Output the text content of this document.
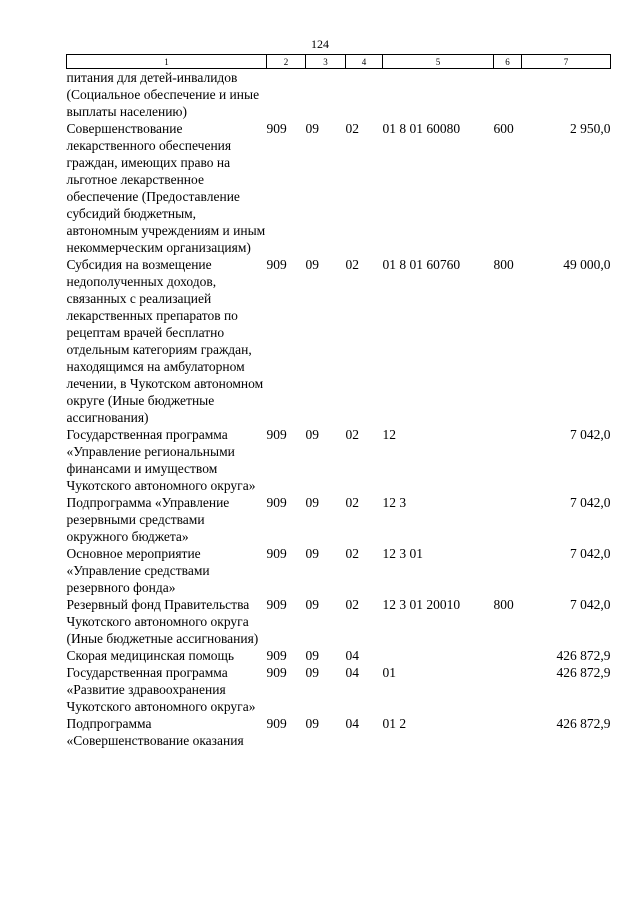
124
1	2	3	4	5	6	7
питания для детей-инвалидов (Социальное обеспечение и иные выплаты населению)						
Совершенствование лекарственного обеспечения граждан, имеющих право на льготное лекарственное обеспечение (Предоставление субсидий бюджетным, автономным учреждениям и иным некоммерческим организациям)	909	09	02	01 8 01 60080	600	2 950,0
Субсидия на возмещение недополученных доходов, связанных с реализацией лекарственных препаратов по рецептам врачей бесплатно отдельным категориям граждан, находящимся на амбулаторном лечении, в Чукотском автономном округе (Иные бюджетные ассигнования)	909	09	02	01 8 01 60760	800	49 000,0
Государственная программа «Управление региональными финансами и имуществом Чукотского автономного округа»	909	09	02	12		7 042,0
Подпрограмма «Управление резервными средствами окружного бюджета»	909	09	02	12 3		7 042,0
Основное мероприятие «Управление средствами резервного фонда»	909	09	02	12 3 01		7 042,0
Резервный фонд Правительства Чукотского автономного округа (Иные бюджетные ассигнования)	909	09	02	12 3 01 20010	800	7 042,0
Скорая медицинская помощь	909	09	04			426 872,9
Государственная программа «Развитие здравоохранения Чукотского автономного округа»	909	09	04	01		426 872,9
Подпрограмма «Совершенствование оказания	909	09	04	01 2		426 872,9
